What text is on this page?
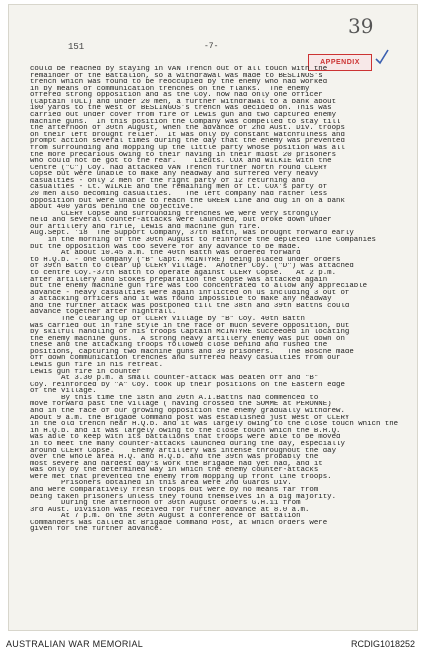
39
151	-7-
APPENDIX
could be reached by staying in VAN Trench out of all touch with the
remainder of the Battalion, so a withdrawal was made to BESLINOS's
trench which was found to be reoccupied by the enemy who had worked
in by means of communication trenches on the flanks.  The enemy
offered strong opposition and as the Coy. now had only one officer
(Captain TOLL) and under 20 men, a further withdrawal to a bank about
100 yards to the West of BESLINGOS's trench was decided on. This was
carried out under cover from fire of Lewis gun and two captured enemy
machine guns.  In this position the Company was compelled to stay till
the afternoon of 30th August, when the advance of 2nd Aust. Div. troops
on their left brought relief.  It was only by constant watchfulness and
prompt action several times during the day that the enemy was prevented
from surrounding and mopping up the little party whose position was all
the more precarious owing to their having in their midst 20 prisoners
who could not be got to the rear.    Lieuts. COX and WILKIE with the
Centre ("C") Coy. had attacked VAN Trench further North round CLERY
Copse but were unable to make any headway and suffered very heavy
casualties - only 2 men of the right party of 12 returning and
casualties - Lt. WILKIE and the remaining men of Lt. COX's party of
20 men also becoming casualties.   The left company had rather less
opposition but were unable to reach the GREEN Line and dug in on a bank
about 400 yards behind the objective.
CLERY Copse and surrounding trenches we were very strongly
held and several counter-attacks were launched, but broke down under
our artillery and rifle, Lewis and machine gun fire.
Aug.Sept. '18  The Support Company, 37th Battn, was brought forward early
in the morning of the 30th August to reinforce the depleted line Companies
but the opposition was too severe for any advance to be made.
At about 10.45 a.m. the 40th Battn was ordered forward
to H.Q.b. - one Company ("B" Capt. McINTYRE) being placed under orders
of 39th Battn to clear up CLERY Village.  Another Coy. ("D") was attached
to centre Coy.-37th Battn to operate against CLERY Copse.   At 2 p.m.
after artillery and Stokes preparation the Copse was attacked again
but the enemy machine gun fire was too concentrated to allow any appreciable
advance - heavy casualties were again inflicted on us including 3 out of
3 attacking officers and it was found impossible to make any headway
and the further attack was postponed till the 38th and 39th Battns could
advance together after nightfall.
The clearing up of CLERY Village by "B" Coy. 40th Battn
was carried out in fine style in the face of much severe opposition, but
by skilful handling of his troops Captain McINTYRE succeeded in locating
the enemy machine guns.  A strong heavy artillery enemy was put down on
these and the attacking troops followed close behind and rushed the
positions, capturing two machine guns and 39 prisoners.   The Bosche made
off down communication trenches and suffered heavy casualties from our
Lewis gun fire in his retreat.
Lewis gun fire in counter
At 3.30 p.m. a small counter-attack was beaten off and "B"
Coy. reinforced by "A" Coy. took up their positions on the Eastern edge
of the village.
By this time the 18th and 20th A.I.Battns had commenced to
move forward past the village ( having crossed the SOMME at PERONNE)
and in the face of our growing opposition the enemy gradually withdrew.
About 9 a.m. the Brigade Command post was established just West of CLERY
in the old trench near H.Q.b. and it was largely owing to the close touch which the
in H.Q.b. and it was largely owing to the close touch which the B.H.Q.
was able to keep with its battalions that troops were able to be moved
in to meet the many counter-attacks launched during the day, especially
around CLERY Copse.    Enemy artillery was intense throughout the day
over the whole area H.Q. and H.Q.b. and the 39th was probably the
most severe and hardest day's work the Brigade had yet had, and it
was only by the determined way in which the enemy counter-attacks
were met that prevented the enemy from mopping up front line troops.
Prisoners obtained in this area were 2nd Guards Div.
and were comparatively fresh troops but were by no means far from
being taken prisoners unless they found themselves in a big majority.
During the afternoon of 30th August orders G.H.11 from
3rd Aust. Division was received for further advance at 8.0 a.m.
At 7 p.m. on the 30th August a conference of Battalion
Commanders was called at Brigade Command Post, at which orders were
given for the further advance.
AUSTRALIAN WAR MEMORIAL	RCDIG1018252
